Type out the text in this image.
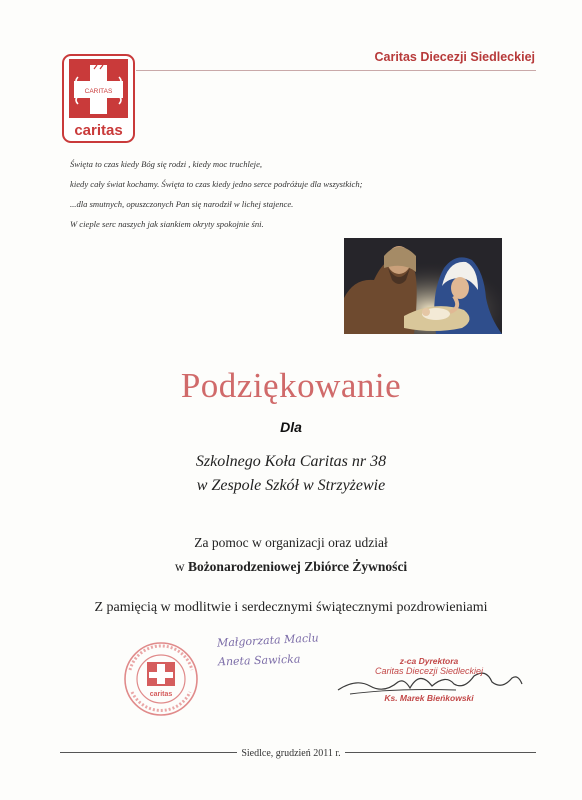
Caritas Diecezji Siedleckiej
CARITAS
caritas
Święta to czas kiedy Bóg się rodzi , kiedy moc truchleje,
kiedy cały świat kochamy. Święta to czas kiedy jedno serce podróżuje dla wszystkich;
...dla smutnych, opuszczonych Pan się narodził w lichej stajence.
W cieple serc naszych jak siankiem okryty spokojnie śni.
Podziękowanie
Dla
Szkolnego Koła Caritas nr 38
w Zespole Szkół w Strzyżewie
Za pomoc w organizacji oraz udział
w Bożonarodzeniowej Zbiórce Żywności
Z pamięcią w modlitwie i serdecznymi świątecznymi pozdrowieniami
Małgorzata Maclu
Aneta Sawicka
caritas
z-ca Dyrektora
Caritas Diecezji Siedleckiej
Ks. Marek Bieńkowski
Siedlce, grudzień 2011 r.
